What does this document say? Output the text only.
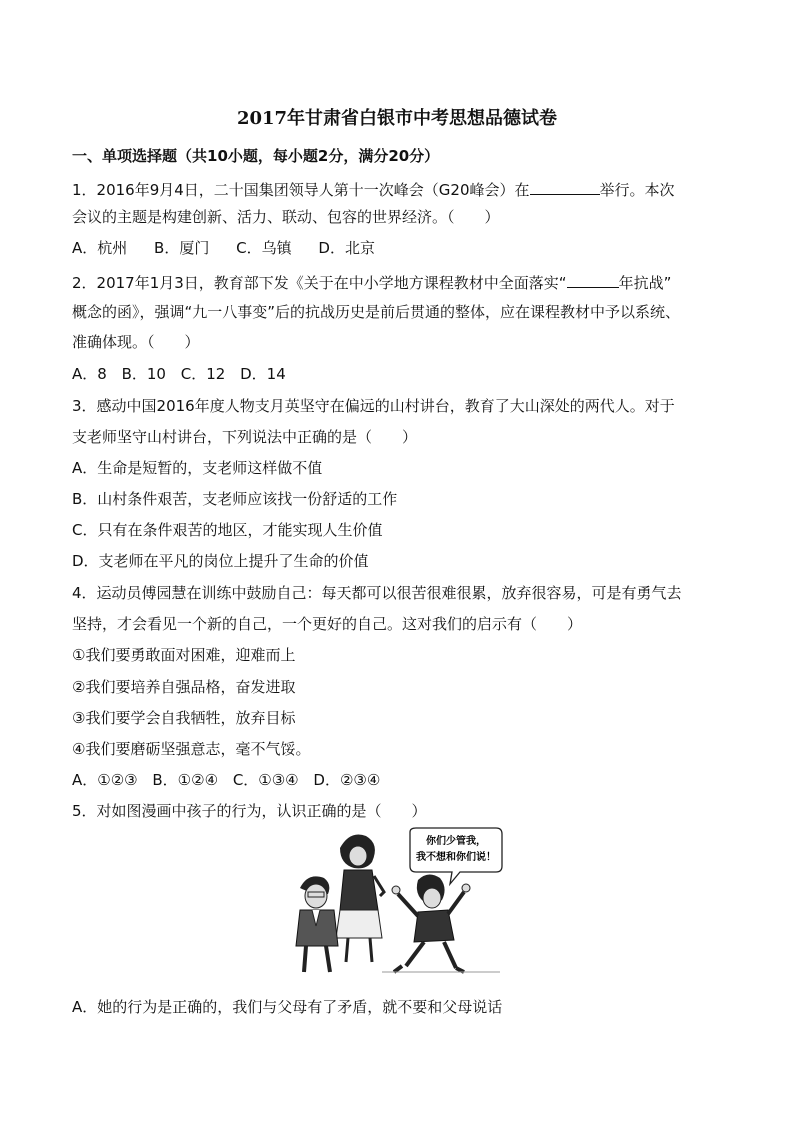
2017年甘肃省白银市中考思想品德试卷
一、单项选择题（共10小题，每小题2分，满分20分）
1．2016年9月4日，二十国集团领导人第十一次峰会（G20峰会）在	举行。本次
会议的主题是构建创新、活力、联动、包容的世界经济。（　　）
A．杭州 B．厦门 C．乌镇 D．北京
2．2017年1月3日，教育部下发《关于在中小学地方课程教材中全面落实“	年抗战”
概念的函》，强调“九一八事变”后的抗战历史是前后贯通的整体，应在课程教材中予以系统、
准确体现。（　　）
A．8 B．10 C．12 D．14
3．感动中国2016年度人物支月英坚守在偏远的山村讲台，教育了大山深处的两代人。对于
支老师坚守山村讲台，下列说法中正确的是（　　）
A．生命是短暂的，支老师这样做不值
B．山村条件艰苦，支老师应该找一份舒适的工作
C．只有在条件艰苦的地区，才能实现人生价值
D．支老师在平凡的岗位上提升了生命的价值
4．运动员傅园慧在训练中鼓励自己：每天都可以很苦很难很累，放弃很容易，可是有勇气去
坚持，才会看见一个新的自己，一个更好的自己。这对我们的启示有（　　）
①我们要勇敢面对困难，迎难而上
②我们要培养自强品格，奋发进取
③我们要学会自我牺牲，放弃目标
④我们要磨砺坚强意志，毫不气馁。
A．①②③ B．①②④ C．①③④ D．②③④
5．对如图漫画中孩子的行为，认识正确的是（　　）
你们少管我，
我不想和你们说！
A．她的行为是正确的，我们与父母有了矛盾，就不要和父母说话
